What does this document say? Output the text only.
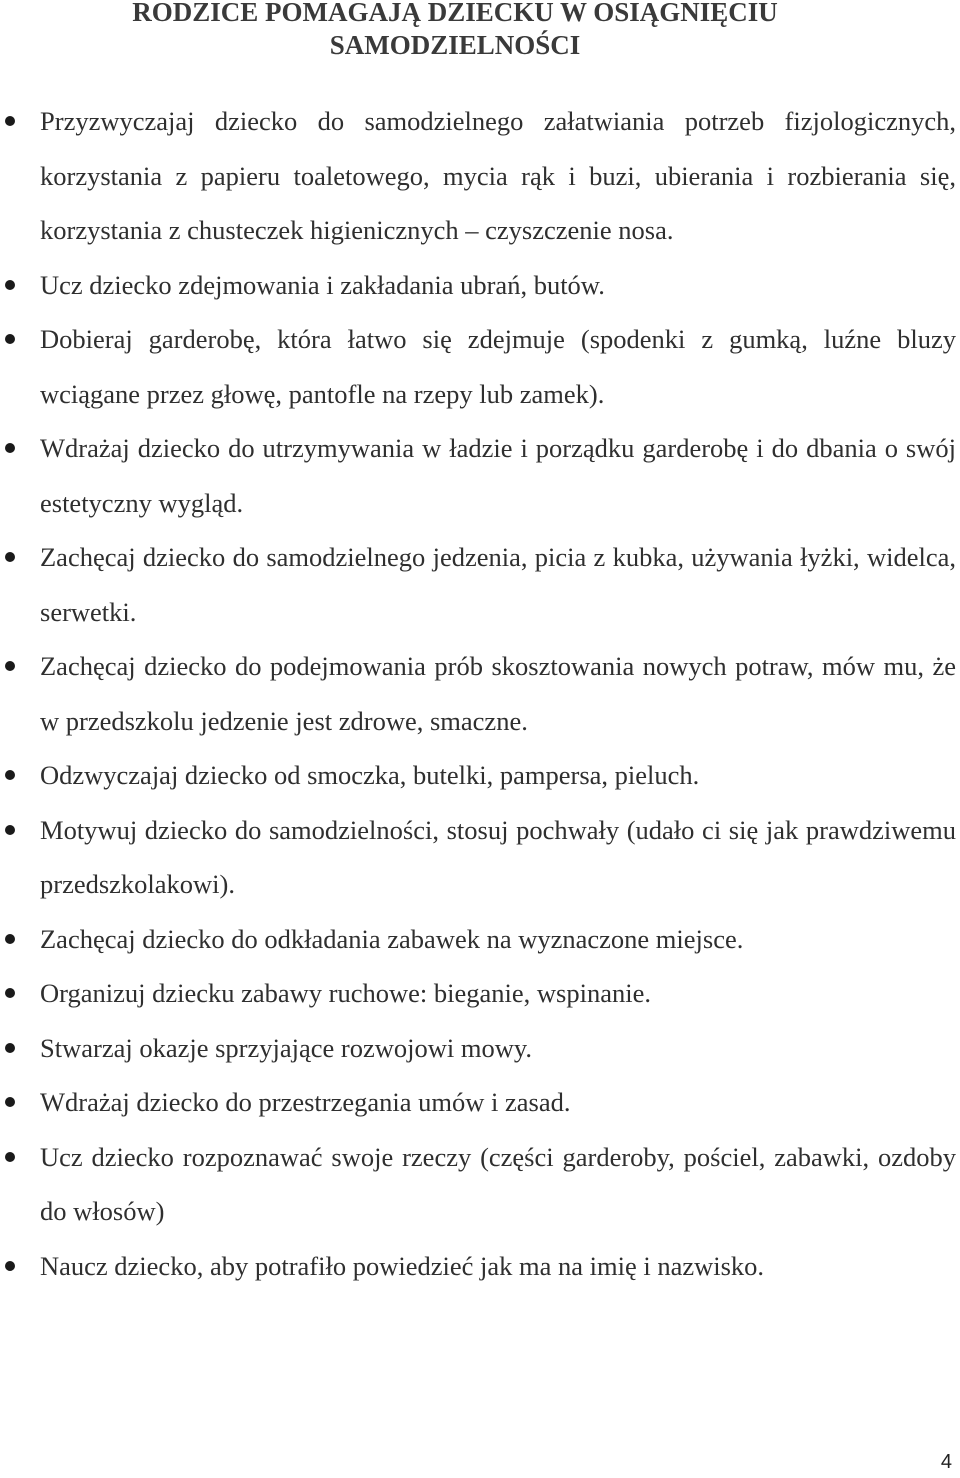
RODZICE POMAGAJĄ DZIECKU W OSIĄGNIĘCIU
SAMODZIELNOŚCI
Przyzwyczajaj dziecko do samodzielnego załatwiania potrzeb fizjologicznych, korzystania z papieru toaletowego, mycia rąk i buzi, ubierania i rozbierania się, korzystania z chusteczek higienicznych – czyszczenie nosa.
Ucz dziecko zdejmowania i zakładania ubrań, butów.
Dobieraj garderobę, która łatwo się zdejmuje (spodenki z gumką, luźne bluzy wciągane przez głowę, pantofle na rzepy lub zamek).
Wdrażaj dziecko do utrzymywania w ładzie i porządku garderobę i do dbania o swój estetyczny wygląd.
Zachęcaj dziecko do samodzielnego jedzenia, picia z kubka, używania łyżki, widelca, serwetki.
Zachęcaj dziecko do podejmowania prób skosztowania nowych potraw, mów mu, że w przedszkolu jedzenie jest zdrowe, smaczne.
Odzwyczajaj dziecko od smoczka, butelki, pampersa, pieluch.
Motywuj dziecko do samodzielności, stosuj pochwały (udało ci się jak prawdziwemu przedszkolakowi).
Zachęcaj dziecko do odkładania zabawek na wyznaczone miejsce.
Organizuj dziecku zabawy ruchowe: bieganie, wspinanie.
Stwarzaj okazje sprzyjające rozwojowi mowy.
Wdrażaj dziecko do przestrzegania umów i zasad.
Ucz dziecko rozpoznawać swoje rzeczy (części garderoby, pościel, zabawki, ozdoby do włosów)
Naucz dziecko, aby potrafiło powiedzieć jak ma na imię i nazwisko.
4
